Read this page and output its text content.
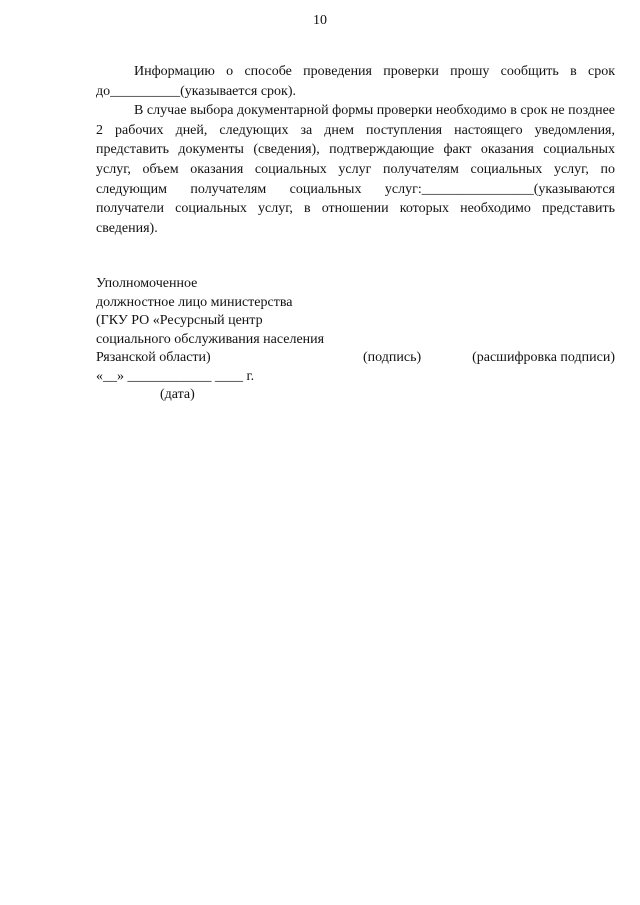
10

Информацию о способе проведения проверки прошу сообщить в срок до__________(указывается срок).

В случае выбора документарной формы проверки необходимо в срок не позднее 2 рабочих дней, следующих за днем поступления настоящего уведомления, представить документы (сведения), подтверждающие факт оказания социальных услуг, объем оказания социальных услуг получателям социальных услуг, по следующим получателям социальных услуг:________________(указываются получатели социальных услуг, в отношении которых необходимо представить сведения).

Уполномоченное
должностное лицо министерства
(ГКУ РО «Ресурсный центр
социального обслуживания населения
Рязанской области)	(подпись)	(расшифровка подписи)
«__» ____________ ____ г.
(дата)
